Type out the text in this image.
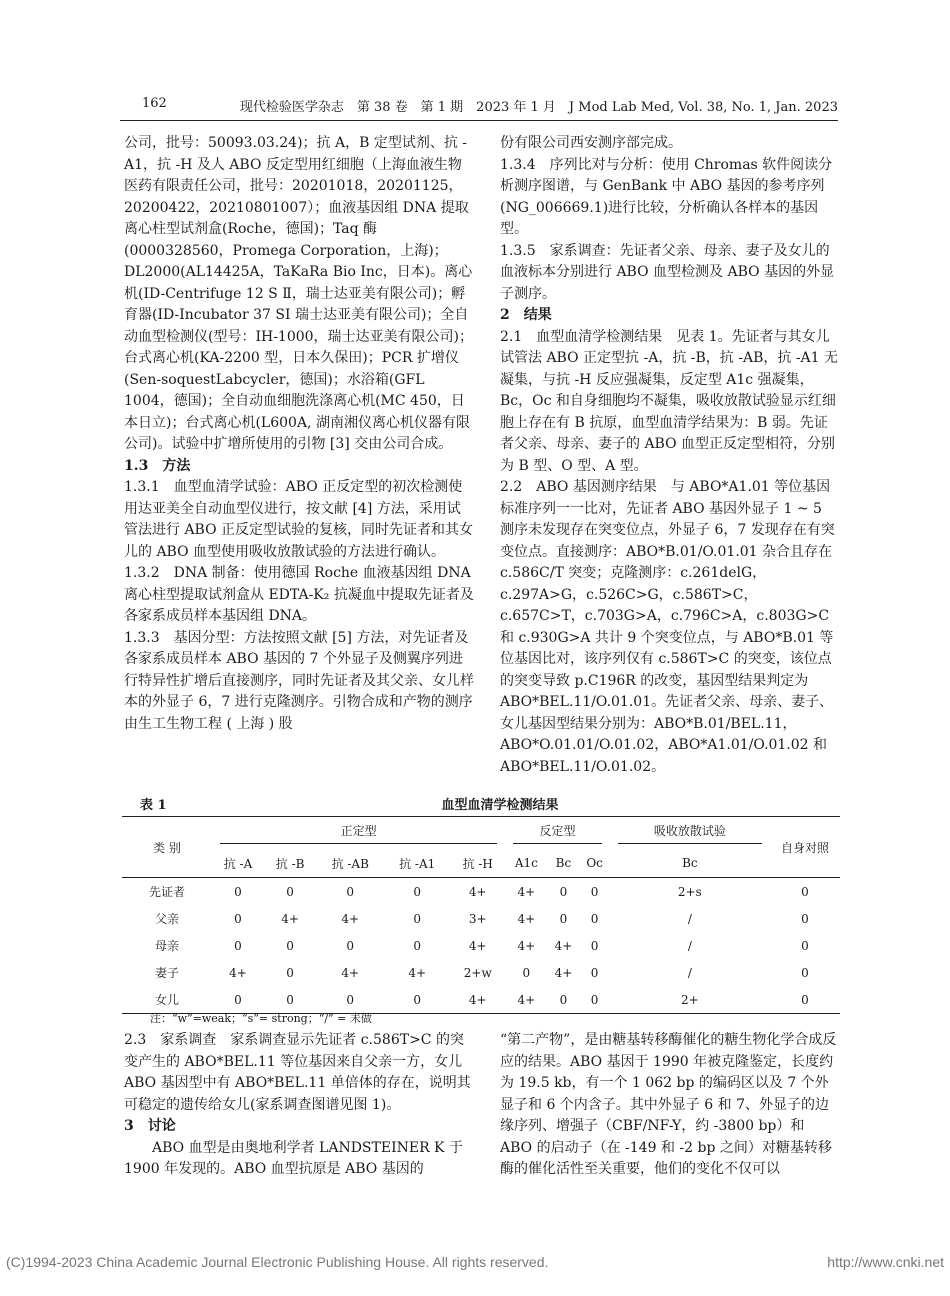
162	现代检验医学杂志　第 38 卷　第 1 期　2023 年 1 月　J Mod Lab Med, Vol. 38, No. 1, Jan. 2023

公司，批号：50093.03.24)；抗 A，B 定型试剂、抗 -A1，抗 -H 及人 ABO 反定型用红细胞（上海血液生物医药有限责任公司，批号：20201018，20201125，20200422，20210801007）；血液基因组 DNA 提取离心柱型试剂盒(Roche，德国)；Taq 酶(0000328560，Promega Corporation，上海)；DL2000(AL14425A，TaKaRa Bio Inc，日本)。离心机(ID-Centrifuge 12 S Ⅱ，瑞士达亚美有限公司)；孵育器(ID-Incubator 37 SI 瑞士达亚美有限公司)；全自动血型检测仪(型号：IH-1000，瑞士达亚美有限公司)；台式离心机(KA-2200 型，日本久保田)；PCR 扩增仪(Sen-soquestLabcycler，德国)；水浴箱(GFL 1004，德国)；全自动血细胞洗涤离心机(MC 450，日本日立)；台式离心机(L600A, 湖南湘仪离心机仪器有限公司)。试验中扩增所使用的引物 [3] 交由公司合成。

1.3　方法

1.3.1　血型血清学试验：ABO 正反定型的初次检测使用达亚美全自动血型仪进行，按文献 [4] 方法，采用试管法进行 ABO 正反定型试验的复核，同时先证者和其女儿的 ABO 血型使用吸收放散试验的方法进行确认。

1.3.2　DNA 制备：使用德国 Roche 血液基因组 DNA 离心柱型提取试剂盒从 EDTA-K₂ 抗凝血中提取先证者及各家系成员样本基因组 DNA。

1.3.3　基因分型：方法按照文献 [5] 方法，对先证者及各家系成员样本 ABO 基因的 7 个外显子及侧翼序列进行特异性扩增后直接测序，同时先证者及其父亲、女儿样本的外显子 6，7 进行克隆测序。引物合成和产物的测序由生工生物工程 ( 上海 ) 股

份有限公司西安测序部完成。

1.3.4　序列比对与分析：使用 Chromas 软件阅读分析测序图谱，与 GenBank 中 ABO 基因的参考序列(NG_006669.1)进行比较，分析确认各样本的基因型。

1.3.5　家系调查：先证者父亲、母亲、妻子及女儿的血液标本分别进行 ABO 血型检测及 ABO 基因的外显子测序。

2　结果

2.1　血型血清学检测结果　见表 1。先证者与其女儿试管法 ABO 正定型抗 -A，抗 -B，抗 -AB，抗 -A1 无凝集，与抗 -H 反应强凝集，反定型 A1c 强凝集，Bc，Oc 和自身细胞均不凝集，吸收放散试验显示红细胞上存在有 B 抗原，血型血清学结果为：B 弱。先证者父亲、母亲、妻子的 ABO 血型正反定型相符，分别为 B 型、O 型、A 型。

2.2　ABO 基因测序结果　与 ABO*A1.01 等位基因标准序列一一比对，先证者 ABO 基因外显子 1 ~ 5 测序未发现存在突变位点，外显子 6，7 发现存在有突变位点。直接测序：ABO*B.01/O.01.01 杂合且存在 c.586C/T 突变；克隆测序：c.261delG，c.297A>G，c.526C>G，c.586T>C，c.657C>T，c.703G>A，c.796C>A，c.803G>C 和 c.930G>A 共计 9 个突变位点，与 ABO*B.01 等位基因比对，该序列仅有 c.586T>C 的突变，该位点的突变导致 p.C196R 的改变，基因型结果判定为 ABO*BEL.11/O.01.01。先证者父亲、母亲、妻子、女儿基因型结果分别为：ABO*B.01/BEL.11，ABO*O.01.01/O.01.02，ABO*A1.01/O.01.02 和 ABO*BEL.11/O.01.02。

表 1	血型血清学检测结果
类 别	正定型					反定型			吸收放散试验	自身对照
	抗 -A	抗 -B	抗 -AB	抗 -A1	抗 -H	A1c	Bc	Oc	Bc	
先证者	0	0	0	0	4+	4+	0	0	2+s	0
父亲	0	4+	4+	0	3+	4+	0	0	/	0
母亲	0	0	0	0	4+	4+	4+	0	/	0
妻子	4+	0	4+	4+	2+w	0	4+	0	/	0
女儿	0	0	0	0	4+	4+	0	0	2+	0
注：“w”=weak；“s”= strong；“/” = 未做

2.3　家系调查　家系调查显示先证者 c.586T>C 的突变产生的 ABO*BEL.11 等位基因来自父亲一方，女儿 ABO 基因型中有 ABO*BEL.11 单倍体的存在，说明其可稳定的遗传给女儿(家系调查图谱见图 1)。

3　讨论

ABO 血型是由奥地利学者 LANDSTEINER K 于 1900 年发现的。ABO 血型抗原是 ABO 基因的

“第二产物”，是由糖基转移酶催化的糖生物化学合成反应的结果。ABO 基因于 1990 年被克隆鉴定，长度约为 19.5 kb，有一个 1 062 bp 的编码区以及 7 个外显子和 6 个内含子。其中外显子 6 和 7、外显子的边缘序列、增强子（CBF/NF-Y，约 -3800 bp）和 ABO 的启动子（在 -149 和 -2 bp 之间）对糖基转移酶的催化活性至关重要，他们的变化不仅可以

(C)1994-2023 China Academic Journal Electronic Publishing House. All rights reserved.	http://www.cnki.net
